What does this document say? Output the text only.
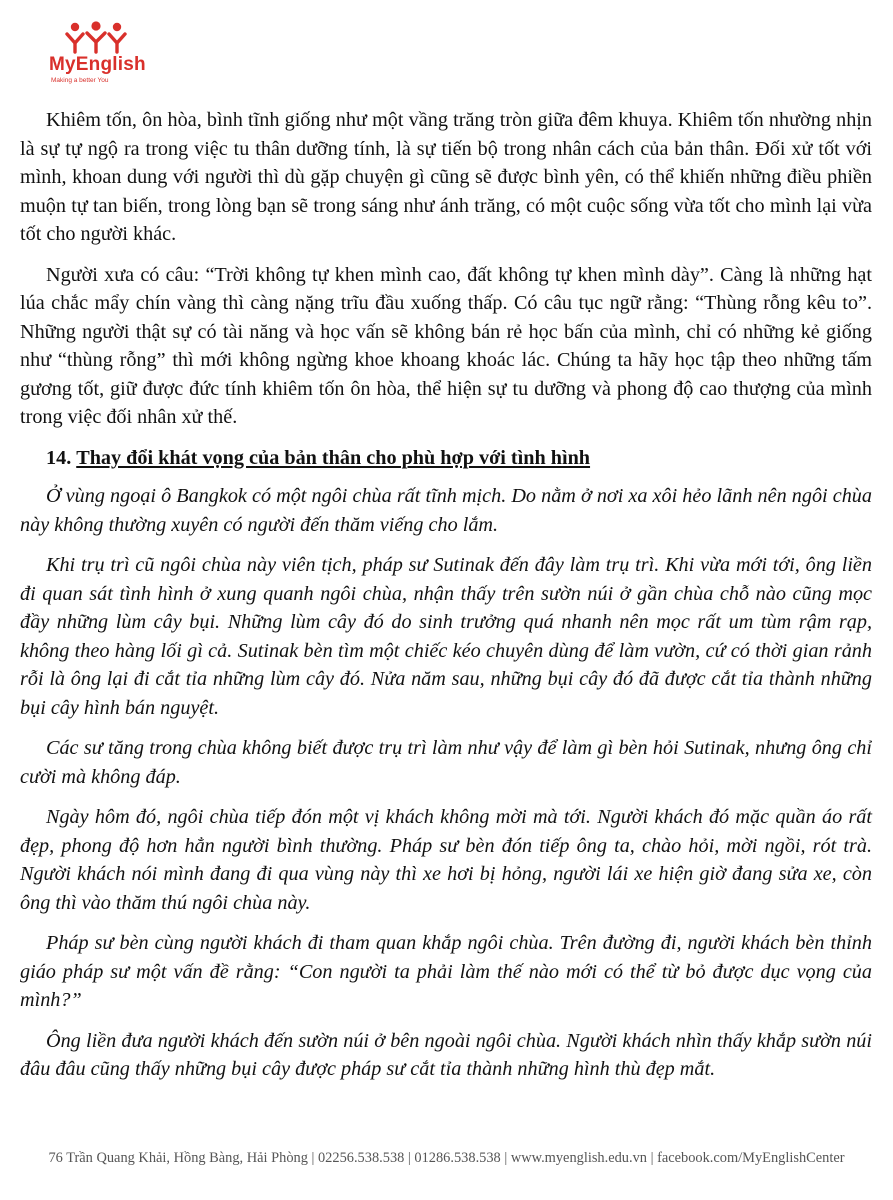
MyEnglish
Making a better You

Khiêm tốn, ôn hòa, bình tĩnh giống như một vầng trăng tròn giữa đêm khuya. Khiêm tốn nhường nhịn là sự tự ngộ ra trong việc tu thân dưỡng tính, là sự tiến bộ trong nhân cách của bản thân. Đối xử tốt với mình, khoan dung với người thì dù gặp chuyện gì cũng sẽ được bình yên, có thể khiến những điều phiền muộn tự tan biến, trong lòng bạn sẽ trong sáng như ánh trăng, có một cuộc sống vừa tốt cho mình lại vừa tốt cho người khác.

Người xưa có câu: “Trời không tự khen mình cao, đất không tự khen mình dày”. Càng là những hạt lúa chắc mẩy chín vàng thì càng nặng trĩu đầu xuống thấp. Có câu tục ngữ rằng: “Thùng rỗng kêu to”. Những người thật sự có tài năng và học vấn sẽ không bán rẻ học bấn của mình, chỉ có những kẻ giống như “thùng rỗng” thì mới không ngừng khoe khoang khoác lác. Chúng ta hãy học tập theo những tấm gương tốt, giữ được đức tính khiêm tốn ôn hòa, thể hiện sự tu dưỡng và phong độ cao thượng của mình trong việc đối nhân xử thế.

14. Thay đổi khát vọng của bản thân cho phù hợp với tình hình

Ở vùng ngoại ô Bangkok có một ngôi chùa rất tĩnh mịch. Do nằm ở nơi xa xôi hẻo lãnh nên ngôi chùa này không thường xuyên có người đến thăm viếng cho lắm.

Khi trụ trì cũ ngôi chùa này viên tịch, pháp sư Sutinak đến đây làm trụ trì. Khi vừa mới tới, ông liền đi quan sát tình hình ở xung quanh ngôi chùa, nhận thấy trên sườn núi ở gần chùa chỗ nào cũng mọc đầy những lùm cây bụi. Những lùm cây đó do sinh trưởng quá nhanh nên mọc rất um tùm rậm rạp, không theo hàng lối gì cả. Sutinak bèn tìm một chiếc kéo chuyên dùng để làm vườn, cứ có thời gian rảnh rỗi là ông lại đi cắt tỉa những lùm cây đó. Nửa năm sau, những bụi cây đó đã được cắt tỉa thành những bụi cây hình bán nguyệt.

Các sư tăng trong chùa không biết được trụ trì làm như vậy để làm gì bèn hỏi Sutinak, nhưng ông chỉ cười mà không đáp.

Ngày hôm đó, ngôi chùa tiếp đón một vị khách không mời mà tới. Người khách đó mặc quần áo rất đẹp, phong độ hơn hẳn người bình thường. Pháp sư bèn đón tiếp ông ta, chào hỏi, mời ngồi, rót trà. Người khách nói mình đang đi qua vùng này thì xe hơi bị hỏng, người lái xe hiện giờ đang sửa xe, còn ông thì vào thăm thú ngôi chùa này.

Pháp sư bèn cùng người khách đi tham quan khắp ngôi chùa. Trên đường đi, người khách bèn thỉnh giáo pháp sư một vấn đề rằng: “Con người ta phải làm thế nào mới có thể từ bỏ được dục vọng của mình?”

Ông liền đưa người khách đến sườn núi ở bên ngoài ngôi chùa. Người khách nhìn thấy khắp sườn núi đâu đâu cũng thấy những bụi cây được pháp sư cắt tỉa thành những hình thù đẹp mắt.

76 Trần Quang Khải, Hồng Bàng, Hải Phòng | 02256.538.538 | 01286.538.538 | www.myenglish.edu.vn | facebook.com/MyEnglishCenter
